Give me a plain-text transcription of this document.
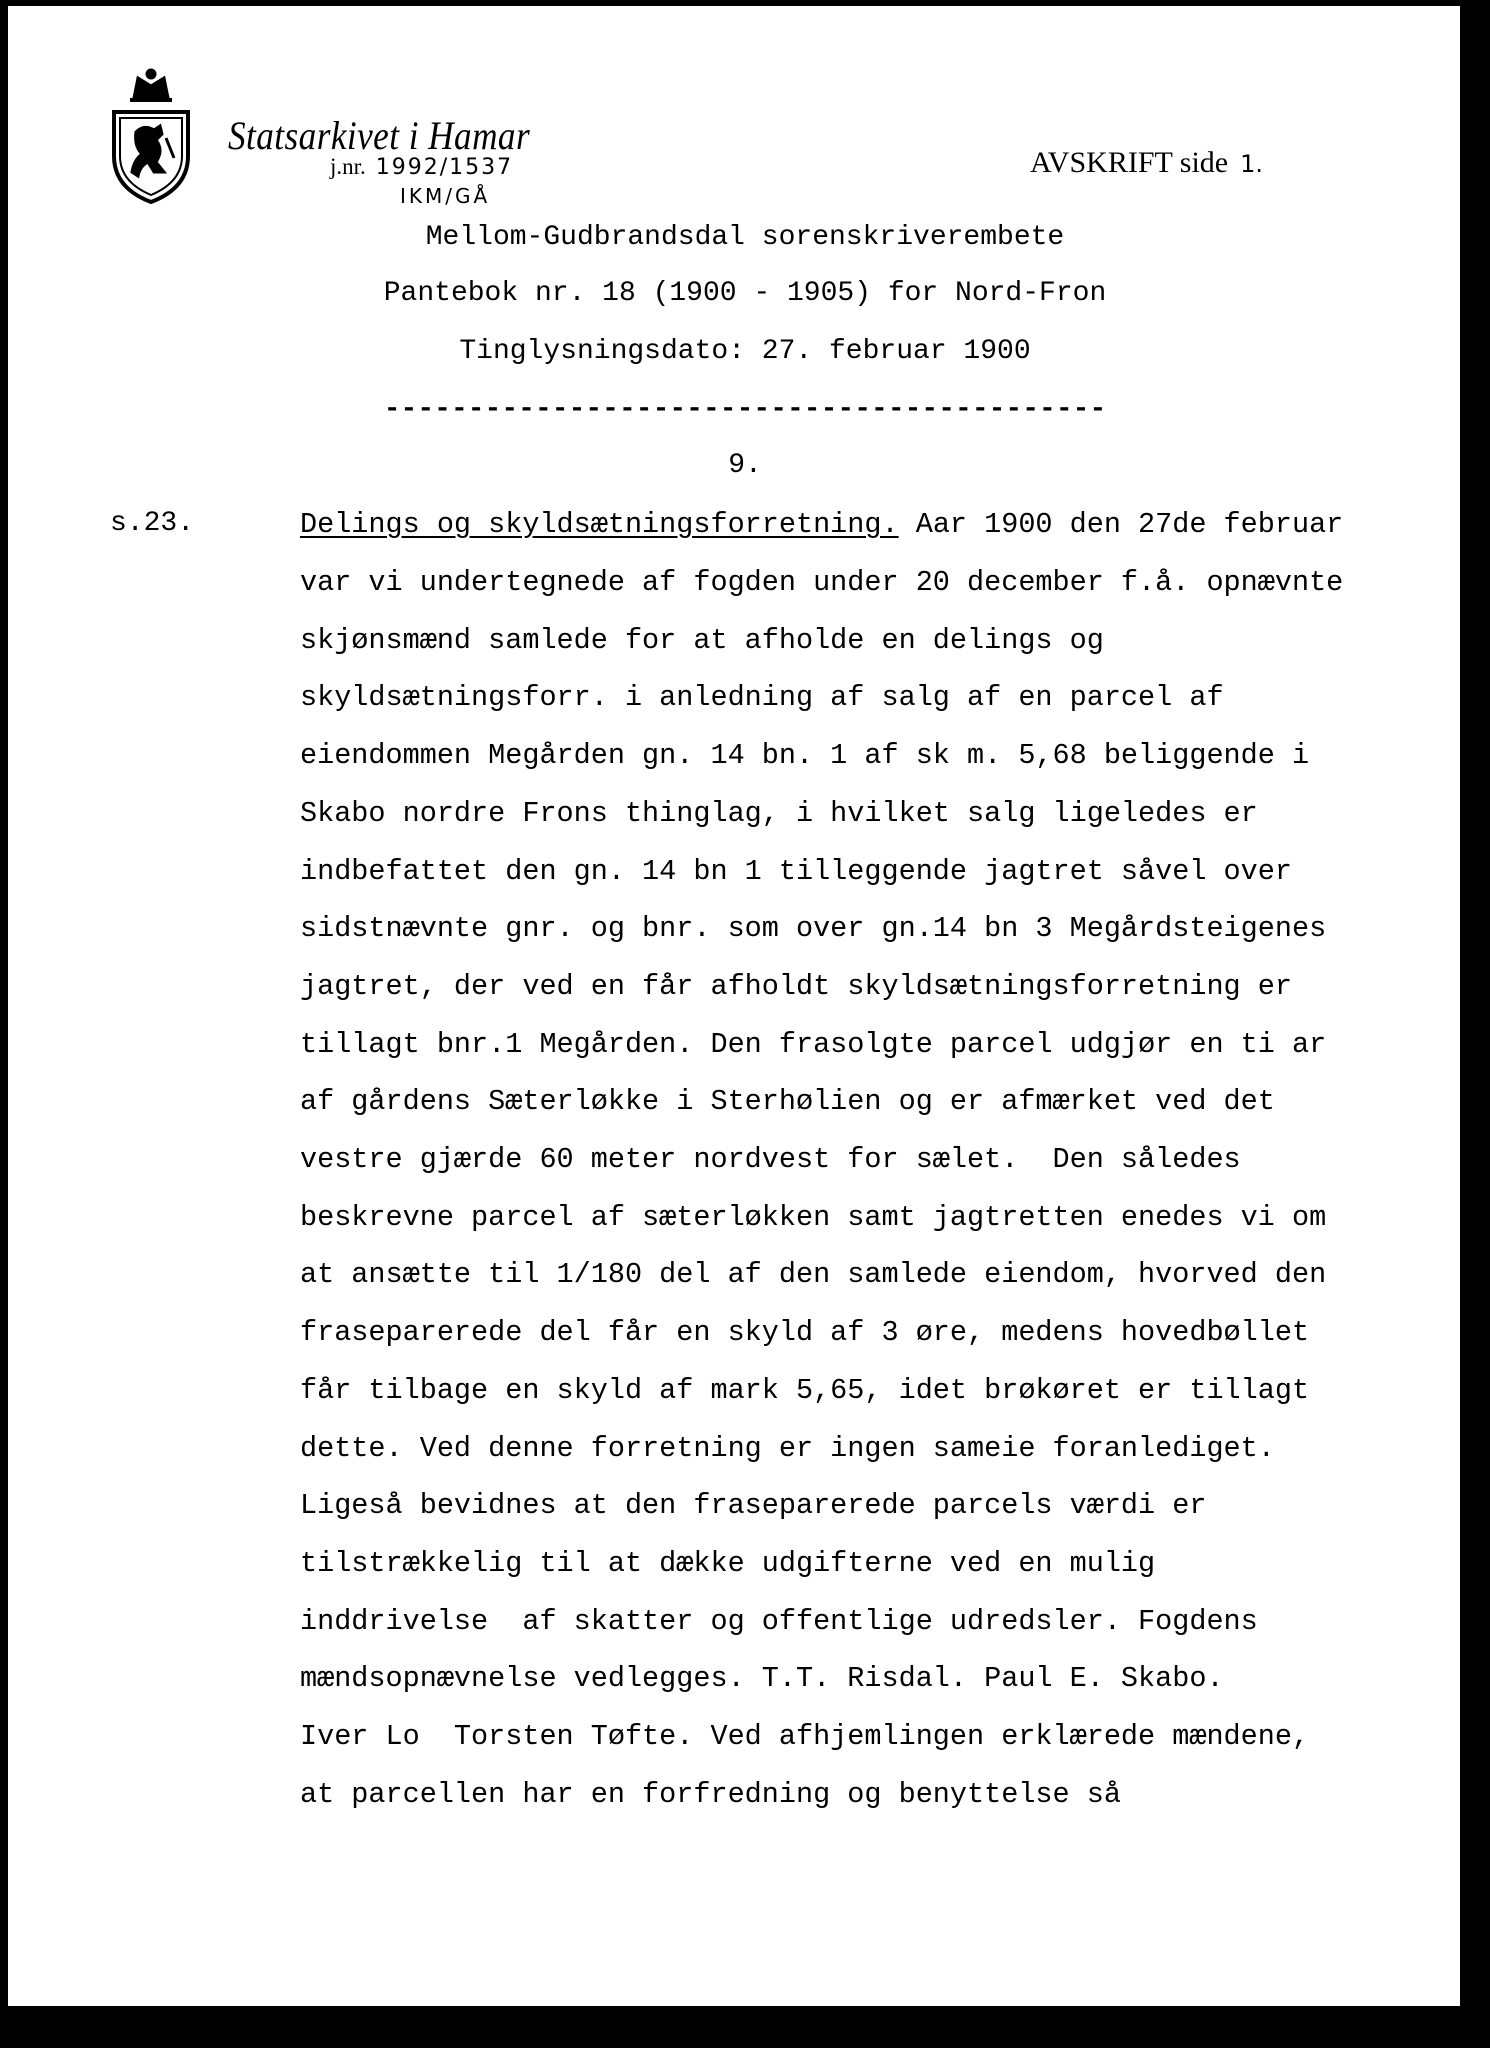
Statsarkivet i Hamar
j.nr. 1992/1537
IKM/GÅ
AVSKRIFT side 1.
Mellom-Gudbrandsdal sorenskriverembete
Pantebok nr. 18 (1900 - 1905) for Nord-Fron
Tinglysningsdato: 27. februar 1900
-------------------------------------------
9.
s.23.	Delings og skyldsætningsforretning. Aar 1900 den 27de februar
var vi undertegnede af fogden under 20 december f.å. opnævnte
skjønsmænd samlede for at afholde en delings og
skyldsætningsforr. i anledning af salg af en parcel af
eiendommen Megården gn. 14 bn. 1 af sk m. 5,68 beliggende i
Skabo nordre Frons thinglag, i hvilket salg ligeledes er
indbefattet den gn. 14 bn 1 tilleggende jagtret såvel over
sidstnævnte gnr. og bnr. som over gn.14 bn 3 Megårdsteigenes
jagtret, der ved en får afholdt skyldsætningsforretning er
tillagt bnr.1 Megården. Den frasolgte parcel udgjør en ti ar
af gårdens Sæterløkke i Sterhølien og er afmærket ved det
vestre gjærde 60 meter nordvest for sælet.  Den således
beskrevne parcel af sæterløkken samt jagtretten enedes vi om
at ansætte til 1/180 del af den samlede eiendom, hvorved den
fraseparerede del får en skyld af 3 øre, medens hovedbøllet
får tilbage en skyld af mark 5,65, idet brøkøret er tillagt
dette. Ved denne forretning er ingen sameie foranlediget.
Ligeså bevidnes at den fraseparerede parcels værdi er
tilstrækkelig til at dække udgifterne ved en mulig
inddrivelse  af skatter og offentlige udredsler. Fogdens
mændsopnævnelse vedlegges. T.T. Risdal. Paul E. Skabo.
Iver Lo  Torsten Tøfte. Ved afhjemlingen erklærede mændene,
at parcellen har en forfredning og benyttelse så
